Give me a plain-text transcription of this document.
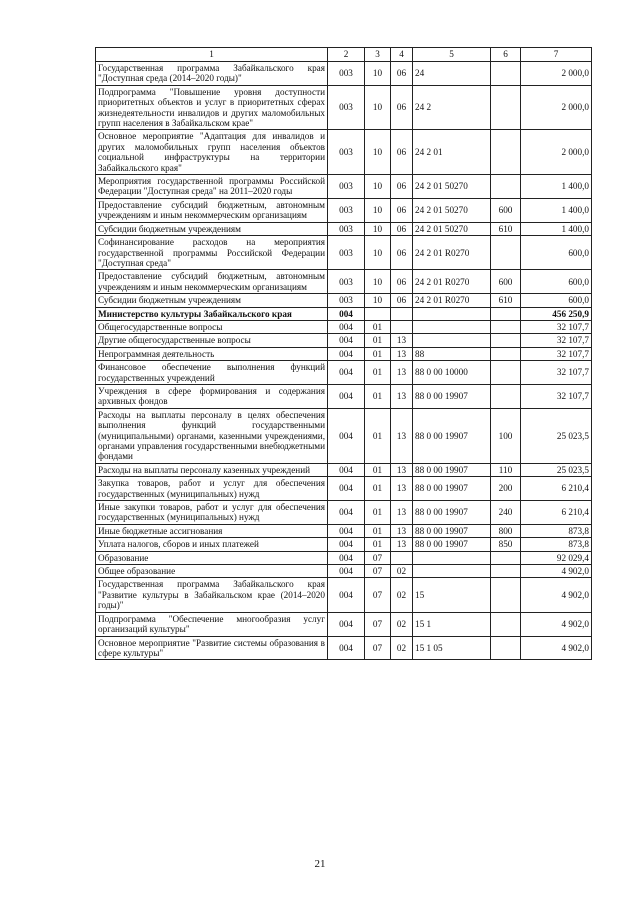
1	2	3	4	5	6	7
Государственная программа Забайкальского края "Доступная среда (2014–2020 годы)"	003	10	06	24		2 000,0
Подпрограмма "Повышение уровня доступности приоритетных объектов и услуг в приоритетных сферах жизнедеятельности инвалидов и других маломобильных групп населения в Забайкальском крае"	003	10	06	24 2		2 000,0
Основное мероприятие "Адаптация для инвалидов и других маломобильных групп населения объектов социальной инфраструктуры на территории Забайкальского края"	003	10	06	24 2 01		2 000,0
Мероприятия государственной программы Российской Федерации "Доступная среда" на 2011–2020 годы	003	10	06	24 2 01 50270		1 400,0
Предоставление субсидий бюджетным, автономным учреждениям и иным некоммерческим организациям	003	10	06	24 2 01 50270	600	1 400,0
Субсидии бюджетным учреждениям	003	10	06	24 2 01 50270	610	1 400,0
Софинансирование расходов на мероприятия государственной программы Российской Федерации "Доступная среда"	003	10	06	24 2 01 R0270		600,0
Предоставление субсидий бюджетным, автономным учреждениям и иным некоммерческим организациям	003	10	06	24 2 01 R0270	600	600,0
Субсидии бюджетным учреждениям	003	10	06	24 2 01 R0270	610	600,0
Министерство культуры Забайкальского края	004					456 250,9
Общегосударственные вопросы	004	01				32 107,7
Другие общегосударственные вопросы	004	01	13			32 107,7
Непрограммная деятельность	004	01	13	88		32 107,7
Финансовое обеспечение выполнения функций государственных учреждений	004	01	13	88 0 00 10000		32 107,7
Учреждения в сфере формирования и содержания архивных фондов	004	01	13	88 0 00 19907		32 107,7
Расходы на выплаты персоналу в целях обеспечения выполнения функций государственными (муниципальными) органами, казенными учреждениями, органами управления государственными внебюджетными фондами	004	01	13	88 0 00 19907	100	25 023,5
Расходы на выплаты персоналу казенных учреждений	004	01	13	88 0 00 19907	110	25 023,5
Закупка товаров, работ и услуг для обеспечения государственных (муниципальных) нужд	004	01	13	88 0 00 19907	200	6 210,4
Иные закупки товаров, работ и услуг для обеспечения государственных (муниципальных) нужд	004	01	13	88 0 00 19907	240	6 210,4
Иные бюджетные ассигнования	004	01	13	88 0 00 19907	800	873,8
Уплата налогов, сборов и иных платежей	004	01	13	88 0 00 19907	850	873,8
Образование	004	07				92 029,4
Общее образование	004	07	02			4 902,0
Государственная программа Забайкальского края "Развитие культуры в Забайкальском крае (2014–2020 годы)"	004	07	02	15		4 902,0
Подпрограмма "Обеспечение многообразия услуг организаций культуры"	004	07	02	15 1		4 902,0
Основное мероприятие "Развитие системы образования в сфере культуры"	004	07	02	15 1 05		4 902,0
21
